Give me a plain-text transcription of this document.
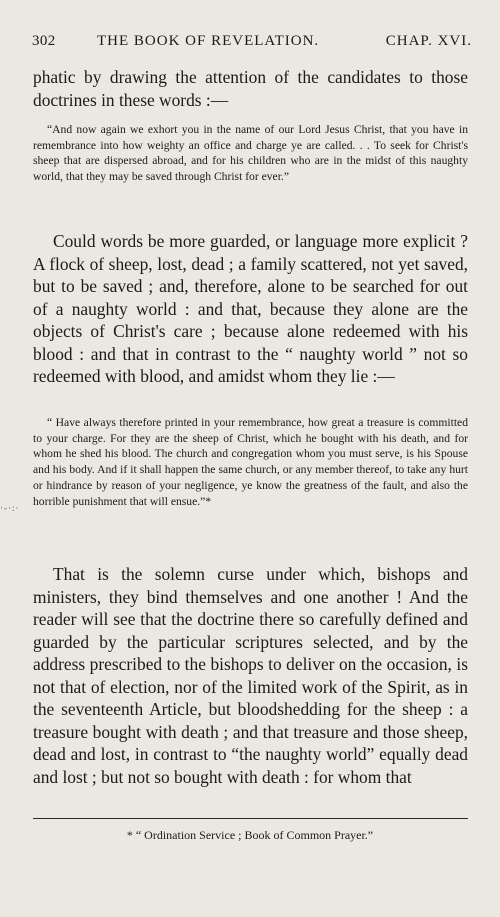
302	THE BOOK OF REVELATION.	CHAP. XVI.

phatic by drawing the attention of the candidates to those doctrines in these words :—

“And now again we exhort you in the name of our Lord Jesus Christ, that you have in remembrance into how weighty an office and charge ye are called. . . To seek for Christ's sheep that are dispersed abroad, and for his children who are in the midst of this naughty world, that they may be saved through Christ for ever.”

Could words be more guarded, or language more explicit ? A flock of sheep, lost, dead ; a family scattered, not yet saved, but to be saved ; and, therefore, alone to be searched for out of a naughty world : and that, because they alone are the objects of Christ's care ; because alone redeemed with his blood : and that in contrast to the “ naughty world ” not so redeemed with blood, and amidst whom they lie :—

“ Have always therefore printed in your remembrance, how great a treasure is committed to your charge. For they are the sheep of Christ, which he bought with his death, and for whom he shed his blood. The church and congregation whom you must serve, is his Spouse and his body. And if it shall happen the same church, or any member thereof, to take any hurt or hindrance by reason of your negligence, ye know the greatness of the fault, and also the horrible punishment that will ensue.”*

·-·:·

That is the solemn curse under which, bishops and ministers, they bind themselves and one another ! And the reader will see that the doctrine there so carefully defined and guarded by the particular scriptures selected, and by the address prescribed to the bishops to deliver on the occasion, is not that of election, nor of the limited work of the Spirit, as in the seventeenth Article, but bloodshedding for the sheep : a treasure bought with death ; and that treasure and those sheep, dead and lost, in contrast to “the naughty world” equally dead and lost ; but not so bought with death : for whom that

* “ Ordination Service ; Book of Common Prayer.”
